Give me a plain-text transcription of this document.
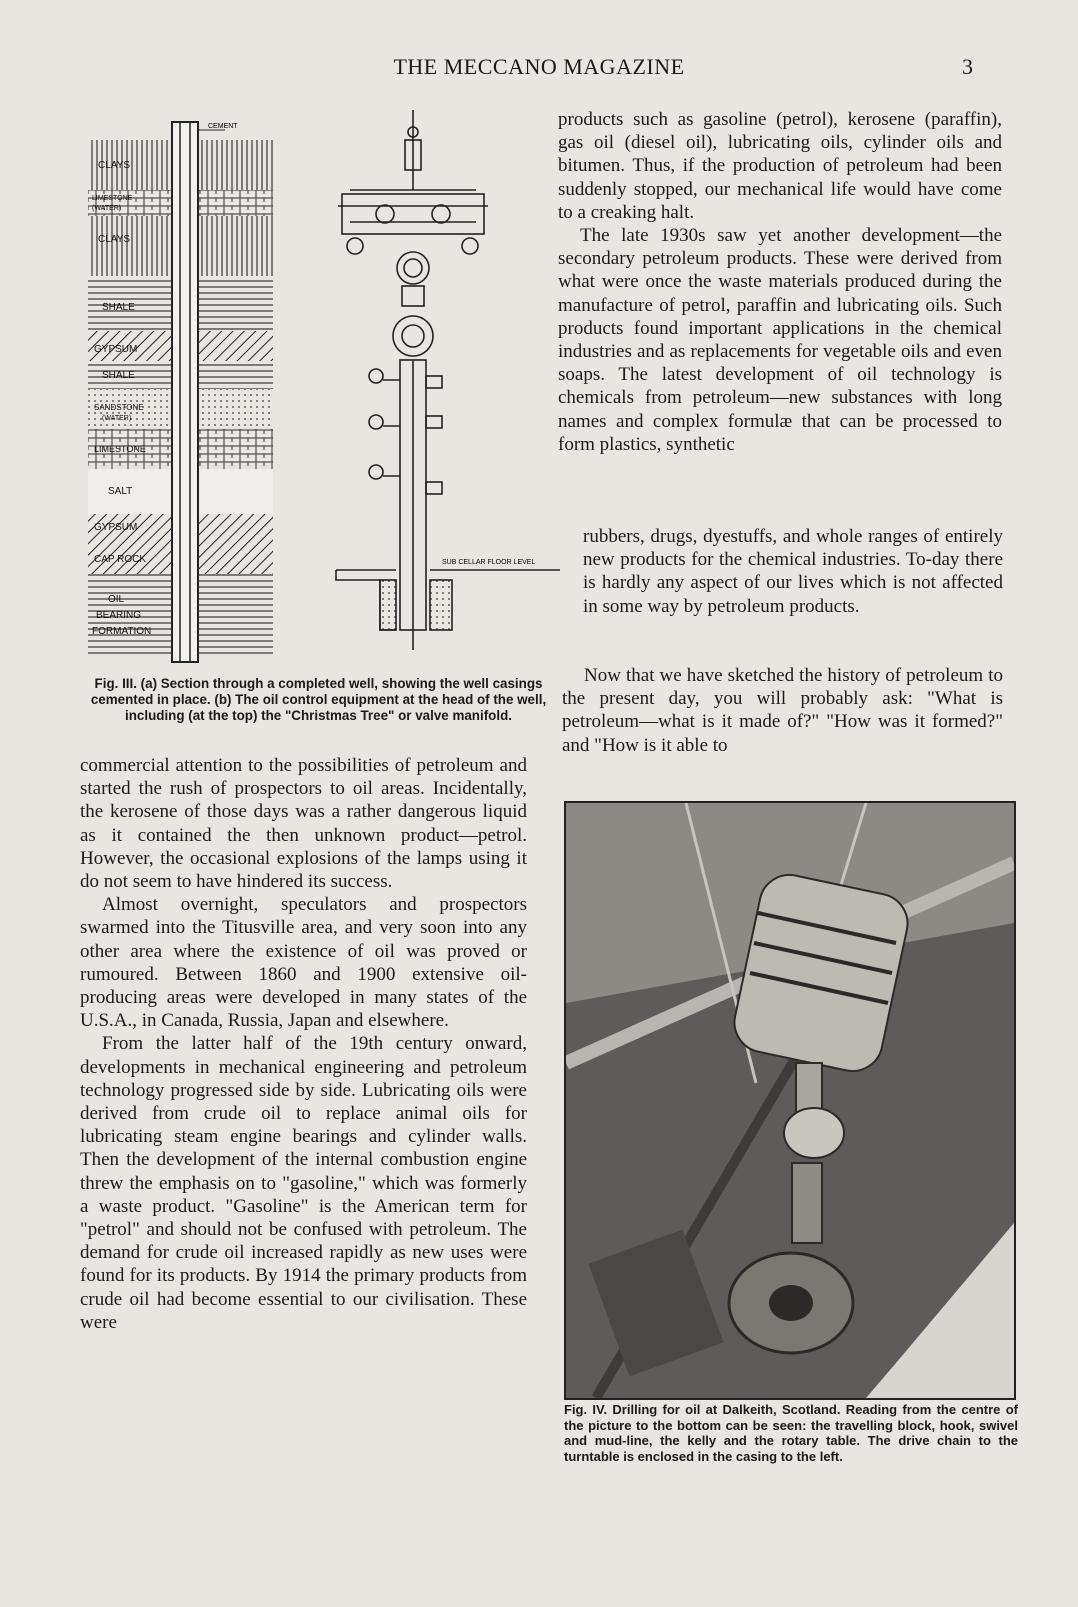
THE MECCANO MAGAZINE	3
CEMENT
CLAYS
LIMESTONE
(WATER)
CLAYS
SHALE
GYPSUM
SHALE
SANDSTONE
(WATER)
LIMESTONE
SALT
GYPSUM
CAP ROCK
OIL
BEARING
FORMATION
SUB CELLAR FLOOR LEVEL
Fig. III. (a) Section through a completed well, showing the well casings cemented in place. (b) The oil control equipment at the head of the well, including (at the top) the "Christmas Tree" or valve manifold.

commercial attention to the possibilities of petroleum and started the rush of prospectors to oil areas. Incidentally, the kerosene of those days was a rather dangerous liquid as it contained the then unknown product—petrol. However, the occasional explosions of the lamps using it do not seem to have hindered its success.

Almost overnight, speculators and prospectors swarmed into the Titusville area, and very soon into any other area where the existence of oil was proved or rumoured. Between 1860 and 1900 extensive oil-producing areas were developed in many states of the U.S.A., in Canada, Russia, Japan and elsewhere.

From the latter half of the 19th century onward, developments in mechanical engineering and petroleum technology progressed side by side. Lubricating oils were derived from crude oil to replace animal oils for lubricating steam engine bearings and cylinder walls. Then the development of the internal combustion engine threw the emphasis on to "gasoline," which was formerly a waste product. "Gasoline" is the American term for "petrol" and should not be confused with petroleum. The demand for crude oil increased rapidly as new uses were found for its products. By 1914 the primary products from crude oil had become essential to our civilisation. These were

products such as gasoline (petrol), kerosene (paraffin), gas oil (diesel oil), lubricating oils, cylinder oils and bitumen. Thus, if the production of petroleum had been suddenly stopped, our mechanical life would have come to a creaking halt.

The late 1930s saw yet another development—the secondary petroleum products. These were derived from what were once the waste materials produced during the manufacture of petrol, paraffin and lubricating oils. Such products found important applications in the chemical industries and as replacements for vegetable oils and even soaps. The latest development of oil technology is chemicals from petroleum—new substances with long names and complex formulæ that can be processed to form plastics, synthetic

rubbers, drugs, dyestuffs, and whole ranges of entirely new products for the chemical industries. To-day there is hardly any aspect of our lives which is not affected in some way by petroleum products.

Now that we have sketched the history of petroleum to the present day, you will probably ask: "What is petroleum—what is it made of?" "How was it formed?" and "How is it able to

Fig. IV. Drilling for oil at Dalkeith, Scotland. Reading from the centre of the picture to the bottom can be seen: the travelling block, hook, swivel and mud-line, the kelly and the rotary table. The drive chain to the turntable is enclosed in the casing to the left.
